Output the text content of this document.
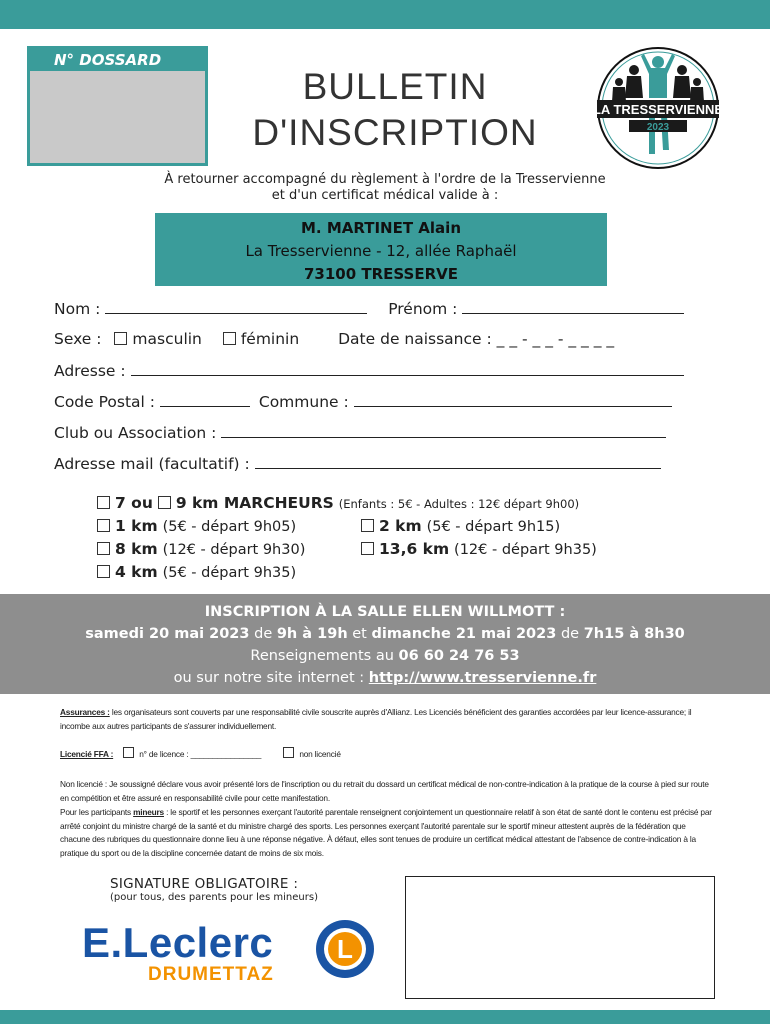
N° DOSSARD
BULLETIN
D'INSCRIPTION
LA TRESSERVIENNE
2023
À retourner accompagné du règlement à l'ordre de la Tresservienne
et d'un certificat médical valide à :
M. MARTINET Alain
La Tresservienne - 12, allée Raphaël
73100 TRESSERVE
Nom :	Prénom :
Sexe : masculin	féminin	Date de naissance : _ _ - _ _ - _ _ _ _
Adresse :
Code Postal :	Commune :
Club ou Association :
Adresse mail (facultatif) :
7 ou 9 km MARCHEURS (Enfants : 5€ - Adultes : 12€ départ 9h00)
1 km (5€ - départ 9h05)	2 km (5€ - départ 9h15)
8 km (12€ - départ 9h30)	13,6 km (12€ - départ 9h35)
4 km (5€ - départ 9h35)
INSCRIPTION À LA SALLE ELLEN WILLMOTT :
samedi 20 mai 2023 de 9h à 19h et dimanche 21 mai 2023 de 7h15 à 8h30
Renseignements au 06 60 24 76 53
ou sur notre site internet : http://www.tresservienne.fr
Assurances : les organisateurs sont couverts par une responsabilité civile souscrite auprès d'Allianz. Les Licenciés bénéficient des garanties accordées par leur licence-assurance; il incombe aux autres participants de s'assurer individuellement.
Licencié FFA :	n° de licence : ________________	non licencié
Non licencié : Je soussigné déclare vous avoir présenté lors de l'inscription ou du retrait du dossard un certificat médical de non-contre-indication à la pratique de la course à pied sur route en compétition et être assuré en responsabilité civile pour cette manifestation.
Pour les participants mineurs : le sportif et les personnes exerçant l'autorité parentale renseignent conjointement un questionnaire relatif à son état de santé dont le contenu est précisé par arrêté conjoint du ministre chargé de la santé et du ministre chargé des sports. Les personnes exerçant l'autorité parentale sur le sportif mineur attestent auprès de la fédération que chacune des rubriques du questionnaire donne lieu à une réponse négative. À défaut, elles sont tenues de produire un certificat médical attestant de l'absence de contre-indication à la pratique du sport ou de la discipline concernée datant de moins de six mois.
SIGNATURE OBLIGATOIRE :
(pour tous, des parents pour les mineurs)
E.Leclerc L
DRUMETTAZ
